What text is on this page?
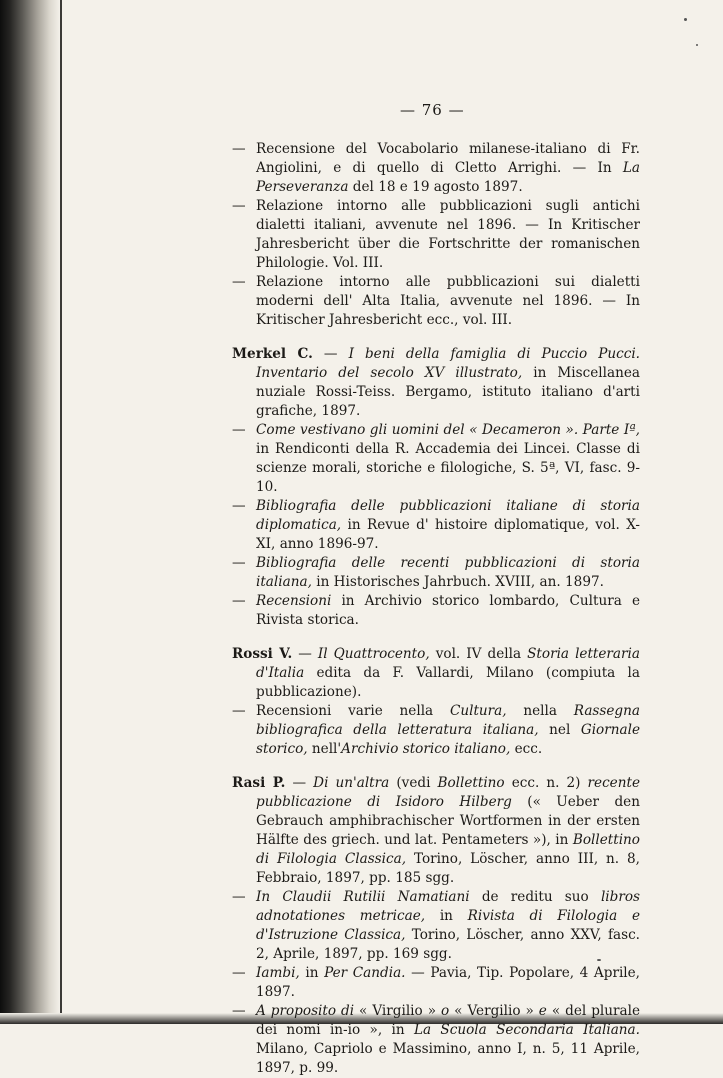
— 76 —

— Recensione del Vocabolario milanese-italiano di Fr. Angiolini, e di quello di Cletto Arrighi. — In La Perseveranza del 18 e 19 agosto 1897.

— Relazione intorno alle pubblicazioni sugli antichi dialetti italiani, avvenute nel 1896. — In Kritischer Jahresbericht über die Fortschritte der romanischen Philologie. Vol. III.

— Relazione intorno alle pubblicazioni sui dialetti moderni dell' Alta Italia, avvenute nel 1896. — In Kritischer Jahresbericht ecc., vol. III.

Merkel C. — I beni della famiglia di Puccio Pucci. Inventario del secolo XV illustrato, in Miscellanea nuziale Rossi-Teiss. Bergamo, istituto italiano d'arti grafiche, 1897.

— Come vestivano gli uomini del « Decameron ». Parte Iª, in Rendiconti della R. Accademia dei Lincei. Classe di scienze morali, storiche e filologiche, S. 5ª, VI, fasc. 9-10.

— Bibliografia delle pubblicazioni italiane di storia diplomatica, in Revue d' histoire diplomatique, vol. X-XI, anno 1896-97.

— Bibliografia delle recenti pubblicazioni di storia italiana, in Historisches Jahrbuch. XVIII, an. 1897.

— Recensioni in Archivio storico lombardo, Cultura e Rivista storica.

Rossi V. — Il Quattrocento, vol. IV della Storia letteraria d'Italia edita da F. Vallardi, Milano (compiuta la pubblicazione).

— Recensioni varie nella Cultura, nella Rassegna bibliografica della letteratura italiana, nel Giornale storico, nell'Archivio storico italiano, ecc.

Rasi P. — Di un'altra (vedi Bollettino ecc. n. 2) recente pubblicazione di Isidoro Hilberg (« Ueber den Gebrauch amphibrachischer Wortformen in der ersten Hälfte des griech. und lat. Pentameters »), in Bollettino di Filologia Classica, Torino, Löscher, anno III, n. 8, Febbraio, 1897, pp. 185 sgg.

— In Claudii Rutilii Namatiani de reditu suo libros adnotationes metricae, in Rivista di Filologia e d'Istruzione Classica, Torino, Löscher, anno XXV, fasc. 2, Aprile, 1897, pp. 169 sgg.

— Iambi, in Per Candia. — Pavia, Tip. Popolare, 4 Aprile, 1897.

— A proposito di « Virgilio » o « Vergilio » e « del plurale dei nomi in-io », in La Scuola Secondaria Italiana. Milano, Capriolo e Massimino, anno I, n. 5, 11 Aprile, 1897, p. 99.
